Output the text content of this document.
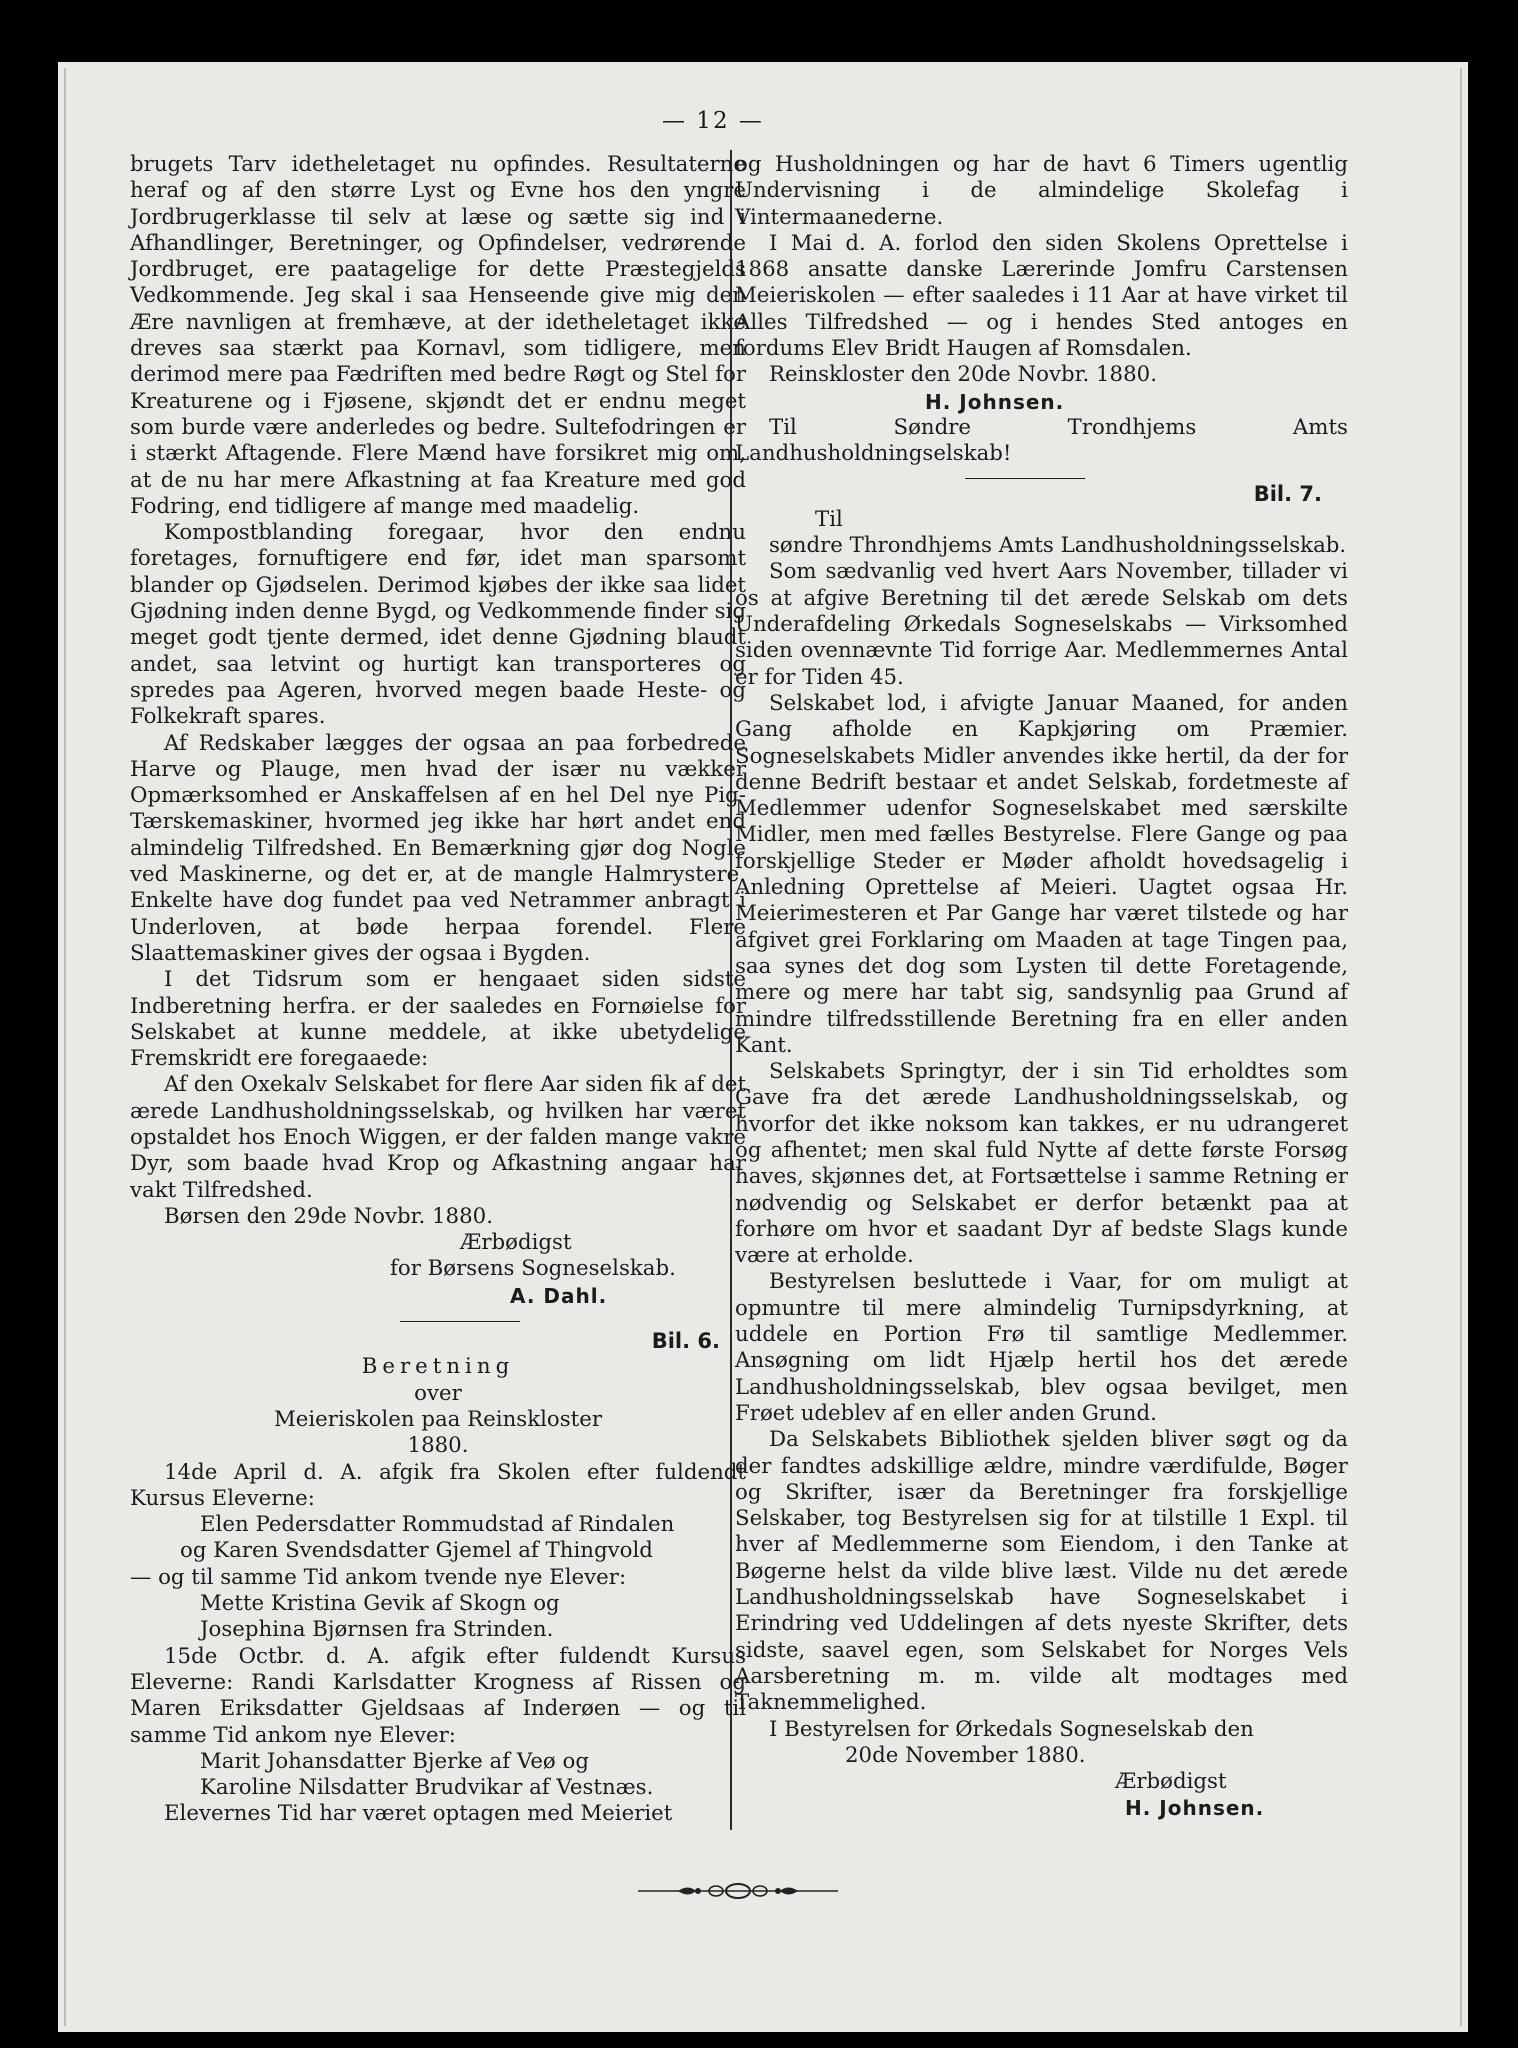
— 12 —

brugets Tarv idetheletaget nu opfindes. Resultaterne heraf og af den større Lyst og Evne hos den yngre Jordbrugerklasse til selv at læse og sætte sig ind i Afhandlinger, Beretninger, og Opfindelser, vedrørende Jordbruget, ere paatagelige for dette Præstegjelds Vedkommende. Jeg skal i saa Henseende give mig den Ære navnligen at fremhæve, at der idetheletaget ikke dreves saa stærkt paa Kornavl, som tidligere, men derimod mere paa Fædriften med bedre Røgt og Stel for Kreaturene og i Fjøsene, skjøndt det er endnu meget som burde være anderledes og bedre. Sultefodringen er i stærkt Aftagende. Flere Mænd have forsikret mig om, at de nu har mere Afkastning at faa Kreature med god Fodring, end tidligere af mange med maadelig.

Kompostblanding foregaar, hvor den endnu foretages, fornuftigere end før, idet man sparsomt blander op Gjødselen. Derimod kjøbes der ikke saa lidet Gjødning inden denne Bygd, og Vedkommende finder sig meget godt tjente dermed, idet denne Gjødning blaudt andet, saa letvint og hurtigt kan transporteres og spredes paa Ageren, hvorved megen baade Heste- og Folkekraft spares.

Af Redskaber lægges der ogsaa an paa forbedrede Harve og Plauge, men hvad der især nu vækker Opmærksomhed er Anskaffelsen af en hel Del nye Pig- Tærskemaskiner, hvormed jeg ikke har hørt andet end almindelig Tilfredshed. En Bemærkning gjør dog Nogle ved Maskinerne, og det er, at de mangle Halmrystere. Enkelte have dog fundet paa ved Netrammer anbragt i Underloven, at bøde herpaa forendel. Flere Slaattemaskiner gives der ogsaa i Bygden.

I det Tidsrum som er hengaaet siden sidste Indberetning herfra. er der saaledes en Fornøielse for Selskabet at kunne meddele, at ikke ubetydelige Fremskridt ere foregaaede:

Af den Oxekalv Selskabet for flere Aar siden fik af det ærede Landhusholdningsselskab, og hvilken har været opstaldet hos Enoch Wiggen, er der falden mange vakre Dyr, som baade hvad Krop og Afkastning angaar har vakt Tilfredshed.

Børsen den 29de Novbr. 1880.

Ærbødigst

for Børsens Sogneselskab.

A. Dahl.

Bil. 6.

Beretning

over

Meieriskolen paa Reinskloster

1880.

14de April d. A. afgik fra Skolen efter fuldendt Kursus Eleverne:

Elen Pedersdatter Rommudstad af Rindalen

og Karen Svendsdatter Gjemel af Thingvold

— og til samme Tid ankom tvende nye Elever:

Mette Kristina Gevik af Skogn og

Josephina Bjørnsen fra Strinden.

15de Octbr. d. A. afgik efter fuldendt Kursus Eleverne: Randi Karlsdatter Krogness af Rissen og Maren Eriksdatter Gjeldsaas af Inderøen — og til samme Tid ankom nye Elever:

Marit Johansdatter Bjerke af Veø og

Karoline Nilsdatter Brudvikar af Vestnæs.

Elevernes Tid har været optagen med Meieriet

og Husholdningen og har de havt 6 Timers ugentlig Undervisning i de almindelige Skolefag i Vintermaanederne.

I Mai d. A. forlod den siden Skolens Oprettelse i 1868 ansatte danske Lærerinde Jomfru Carstensen Meieriskolen — efter saaledes i 11 Aar at have virket til Alles Tilfredshed — og i hendes Sted antoges en fordums Elev Bridt Haugen af Romsdalen.

Reinskloster den 20de Novbr. 1880.

H. Johnsen.

Til Søndre Trondhjems Amts Landhusholdningselskab!

Bil. 7.

Til

søndre Throndhjems Amts Landhusholdningsselskab.

Som sædvanlig ved hvert Aars November, tillader vi os at afgive Beretning til det ærede Selskab om dets Underafdeling Ørkedals Sogneselskabs — Virksomhed siden ovennævnte Tid forrige Aar. Medlemmernes Antal er for Tiden 45.

Selskabet lod, i afvigte Januar Maaned, for anden Gang afholde en Kapkjøring om Præmier. Sogneselskabets Midler anvendes ikke hertil, da der for denne Bedrift bestaar et andet Selskab, fordetmeste af Medlemmer udenfor Sogneselskabet med særskilte Midler, men med fælles Bestyrelse. Flere Gange og paa forskjellige Steder er Møder afholdt hovedsagelig i Anledning Oprettelse af Meieri. Uagtet ogsaa Hr. Meierimesteren et Par Gange har været tilstede og har afgivet grei Forklaring om Maaden at tage Tingen paa, saa synes det dog som Lysten til dette Foretagende, mere og mere har tabt sig, sandsynlig paa Grund af mindre tilfredsstillende Beretning fra en eller anden Kant.

Selskabets Springtyr, der i sin Tid erholdtes som Gave fra det ærede Landhusholdningsselskab, og hvorfor det ikke noksom kan takkes, er nu udrangeret og afhentet; men skal fuld Nytte af dette første Forsøg haves, skjønnes det, at Fortsættelse i samme Retning er nødvendig og Selskabet er derfor betænkt paa at forhøre om hvor et saadant Dyr af bedste Slags kunde være at erholde.

Bestyrelsen besluttede i Vaar, for om muligt at opmuntre til mere almindelig Turnipsdyrkning, at uddele en Portion Frø til samtlige Medlemmer. Ansøgning om lidt Hjælp hertil hos det ærede Landhusholdningsselskab, blev ogsaa bevilget, men Frøet udeblev af en eller anden Grund.

Da Selskabets Bibliothek sjelden bliver søgt og da der fandtes adskillige ældre, mindre værdifulde, Bøger og Skrifter, især da Beretninger fra forskjellige Selskaber, tog Bestyrelsen sig for at tilstille 1 Expl. til hver af Medlemmerne som Eiendom, i den Tanke at Bøgerne helst da vilde blive læst. Vilde nu det ærede Landhusholdningsselskab have Sogneselskabet i Erindring ved Uddelingen af dets nyeste Skrifter, dets sidste, saavel egen, som Selskabet for Norges Vels Aarsberetning m. m. vilde alt modtages med Taknemmelighed.

I Bestyrelsen for Ørkedals Sogneselskab den

20de November 1880.

Ærbødigst

H. Johnsen.
